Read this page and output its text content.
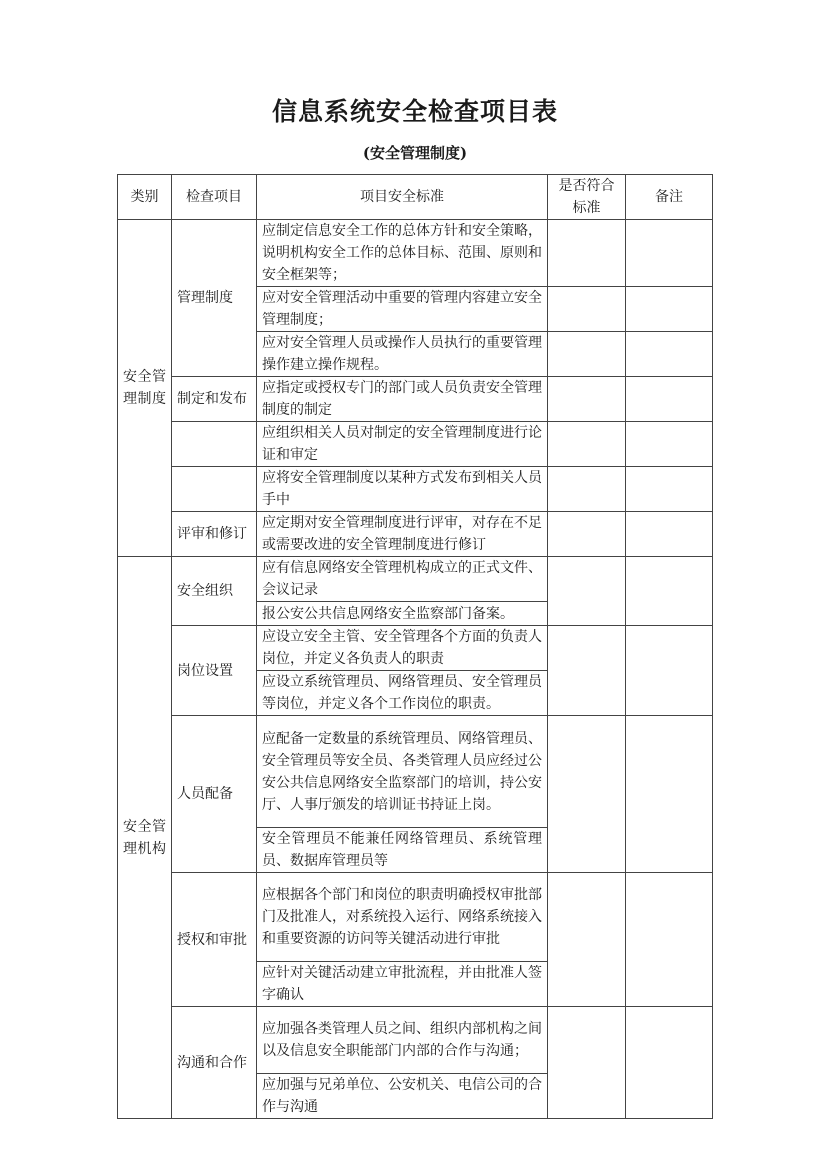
信息系统安全检查项目表
(安全管理制度)
类别	检查项目	项目安全标准	是否符合标准	备注

安全管理制度	管理制度	应制定信息安全工作的总体方针和安全策略，说明机构安全工作的总体目标、范围、原则和安全框架等；		
		应对安全管理活动中重要的管理内容建立安全管理制度；		
		应对安全管理人员或操作人员执行的重要管理操作建立操作规程。		
	制定和发布	应指定或授权专门的部门或人员负责安全管理制度的制定		
		应组织相关人员对制定的安全管理制度进行论证和审定		
		应将安全管理制度以某种方式发布到相关人员手中		
	评审和修订	应定期对安全管理制度进行评审，对存在不足或需要改进的安全管理制度进行修订		

安全管理机构	安全组织	应有信息网络安全管理机构成立的正式文件、会议记录		
		报公安公共信息网络安全监察部门备案。		
	岗位设置	应设立安全主管、安全管理各个方面的负责人岗位，并定义各负责人的职责		
		应设立系统管理员、网络管理员、安全管理员等岗位，并定义各个工作岗位的职责。		
	人员配备	应配备一定数量的系统管理员、网络管理员、安全管理员等安全员、各类管理人员应经过公安公共信息网络安全监察部门的培训，持公安厅、人事厅颁发的培训证书持证上岗。		
		安全管理员不能兼任网络管理员、系统管理员、数据库管理员等		
	授权和审批	应根据各个部门和岗位的职责明确授权审批部门及批准人，对系统投入运行、网络系统接入和重要资源的访问等关键活动进行审批		
		应针对关键活动建立审批流程，并由批准人签字确认		
	沟通和合作	应加强各类管理人员之间、组织内部机构之间以及信息安全职能部门内部的合作与沟通；		
		应加强与兄弟单位、公安机关、电信公司的合作与沟通		
